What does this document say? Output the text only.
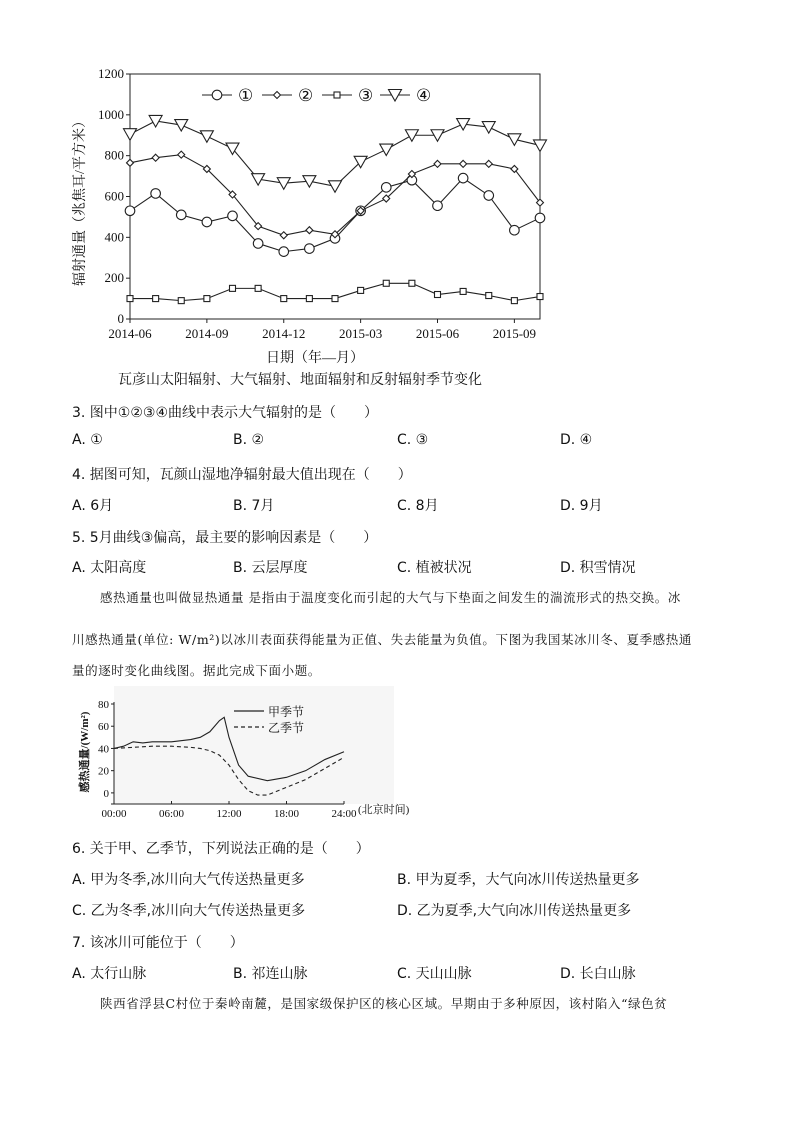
0
200
400
600
800
1000
1200
2014-06	2014-09	2014-12	2015-03	2015-06	2015-09
①	②	③	④
辐射通量（兆焦耳/平方米）
日期（年—月）
瓦彦山太阳辐射、大气辐射、地面辐射和反射辐射季节变化
3. 图中①②③④曲线中表示大气辐射的是（　　）
A. ①	B. ②	C. ③	D. ④
4. 据图可知，瓦颜山湿地净辐射最大值出现在（　　）
A. 6月	B. 7月	C. 8月	D. 9月
5. 5月曲线③偏高，最主要的影响因素是（　　）
A. 太阳高度	B. 云层厚度	C. 植被状况	D. 积雪情况
感热通量也叫做显热通量 是指由于温度变化而引起的大气与下垫面之间发生的湍流形式的热交换。冰
川感热通量(单位: W/m²)以冰川表面获得能量为正值、失去能量为负值。下图为我国某冰川冬、夏季感热通
量的逐时变化曲线图。据此完成下面小题。
0
20
40
60
80
00:00	06:00	12:00	18:00	24:00
甲季节
乙季节
感热通量/(W/m²)
(北京时间)
6. 关于甲、乙季节，下列说法正确的是（　　）
A. 甲为冬季,冰川向大气传送热量更多	B. 甲为夏季，大气向冰川传送热量更多
C. 乙为冬季,冰川向大气传送热量更多	D. 乙为夏季,大气向冰川传送热量更多
7. 该冰川可能位于（　　）
A. 太行山脉	B. 祁连山脉	C. 天山山脉	D. 长白山脉
陕西省浮县C村位于秦岭南麓，是国家级保护区的核心区域。早期由于多种原因，该村陷入“绿色贫
